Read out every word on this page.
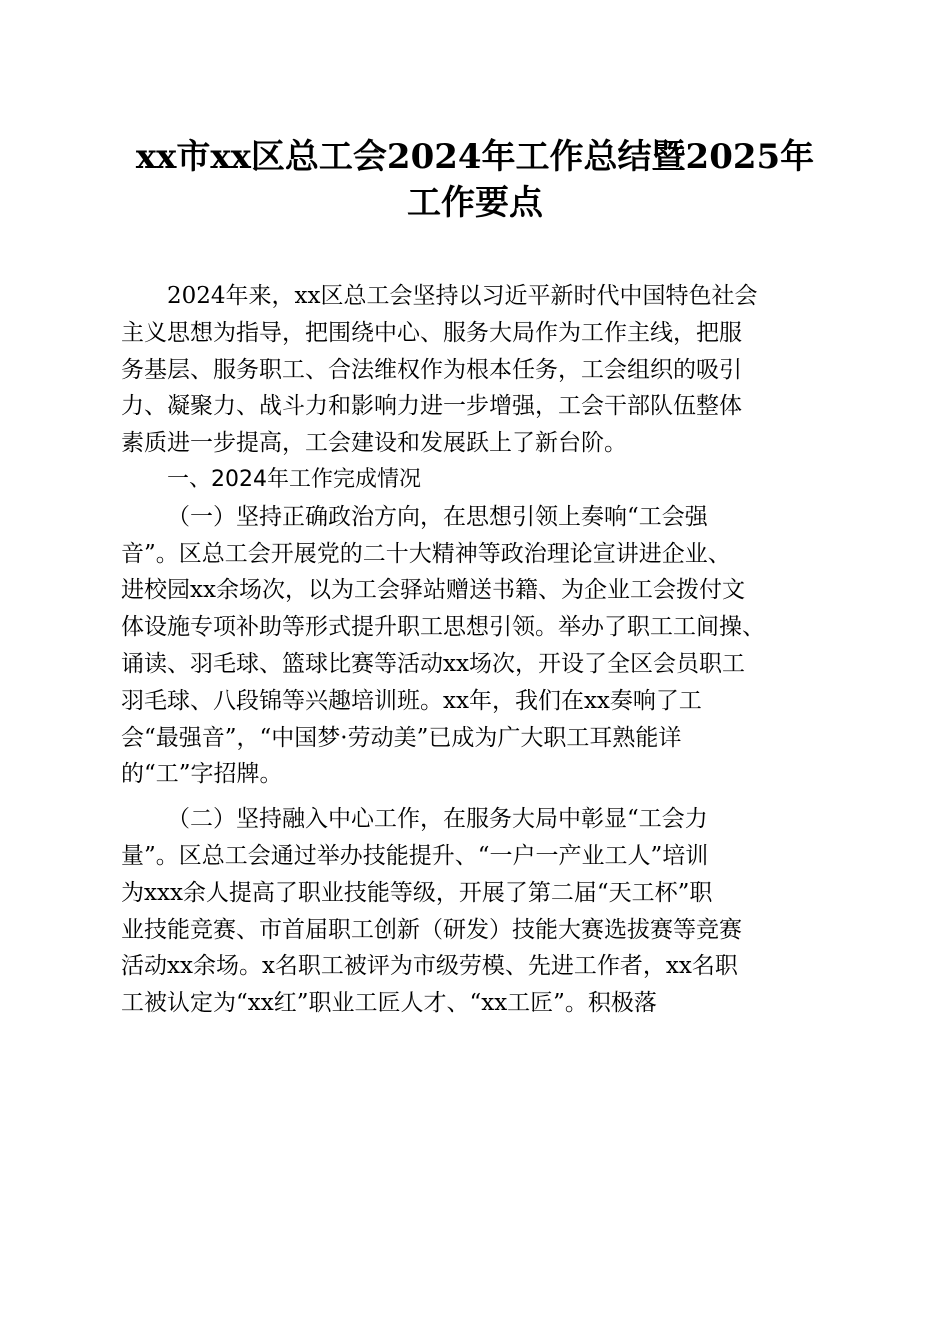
xx市xx区总工会2024年工作总结暨2025年
工作要点
2024年来，xx区总工会坚持以习近平新时代中国特色社会
主义思想为指导，把围绕中心、服务大局作为工作主线，把服
务基层、服务职工、合法维权作为根本任务，工会组织的吸引
力、凝聚力、战斗力和影响力进一步增强，工会干部队伍整体
素质进一步提高，工会建设和发展跃上了新台阶。
一、2024年工作完成情况
（一）坚持正确政治方向，在思想引领上奏响“工会强
音”。区总工会开展党的二十大精神等政治理论宣讲进企业、
进校园xx余场次，以为工会驿站赠送书籍、为企业工会拨付文
体设施专项补助等形式提升职工思想引领。举办了职工工间操、
诵读、羽毛球、篮球比赛等活动xx场次，开设了全区会员职工
羽毛球、八段锦等兴趣培训班。xx年，我们在xx奏响了工
会“最强音”，“中国梦·劳动美”已成为广大职工耳熟能详
的“工”字招牌。
（二）坚持融入中心工作，在服务大局中彰显“工会力
量”。区总工会通过举办技能提升、“一户一产业工人”培训
为xxx余人提高了职业技能等级，开展了第二届“天工杯”职
业技能竞赛、市首届职工创新（研发）技能大赛选拔赛等竞赛
活动xx余场。x名职工被评为市级劳模、先进工作者，xx名职
工被认定为“xx红”职业工匠人才、“xx工匠”。积极落
